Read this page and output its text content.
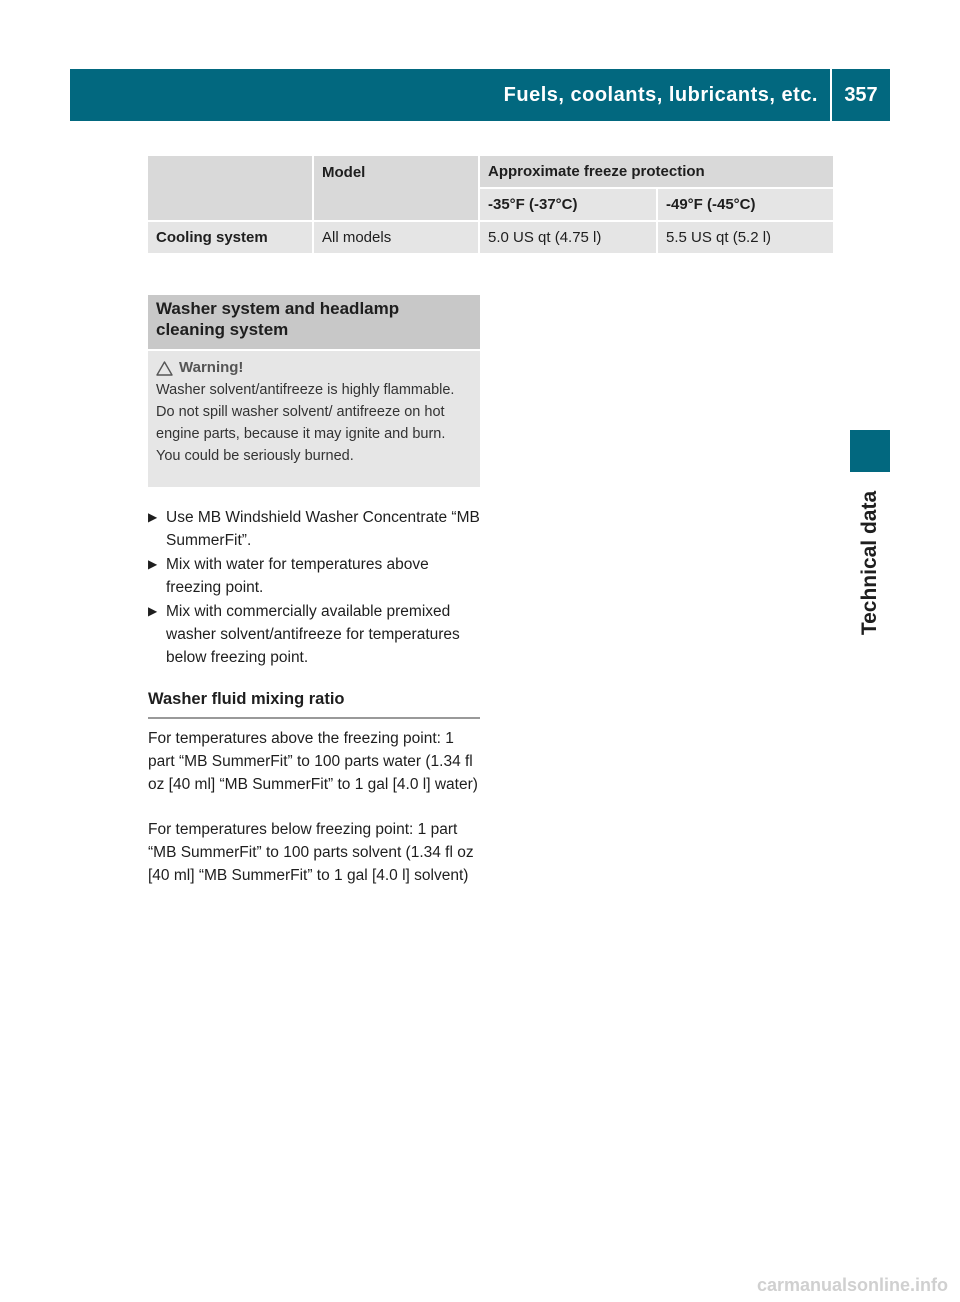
Fuels, coolants, lubricants, etc.	357
	Model	Approximate freeze protection	
		-35°F (-37°C)	-49°F (-45°C)
Cooling system	All models	5.0 US qt (4.75 l)	5.5 US qt (5.2 l)
Washer system and headlamp cleaning system
Warning!
Washer solvent/antifreeze is highly flammable. Do not spill washer solvent/ antifreeze on hot engine parts, because it may ignite and burn. You could be seriously burned.
▶ Use MB Windshield Washer Concentrate “MB SummerFit”.
▶ Mix with water for temperatures above freezing point.
▶ Mix with commercially available premixed washer solvent/antifreeze for temperatures below freezing point.
Washer fluid mixing ratio
For temperatures above the freezing point: 1 part “MB SummerFit” to 100 parts water (1.34 fl oz [40 ml] “MB SummerFit” to 1 gal [4.0 l] water)
For temperatures below freezing point: 1 part “MB SummerFit” to 100 parts solvent (1.34 fl oz [40 ml] “MB SummerFit” to 1 gal [4.0 l] solvent)
Technical data
carmanualsonline.info
